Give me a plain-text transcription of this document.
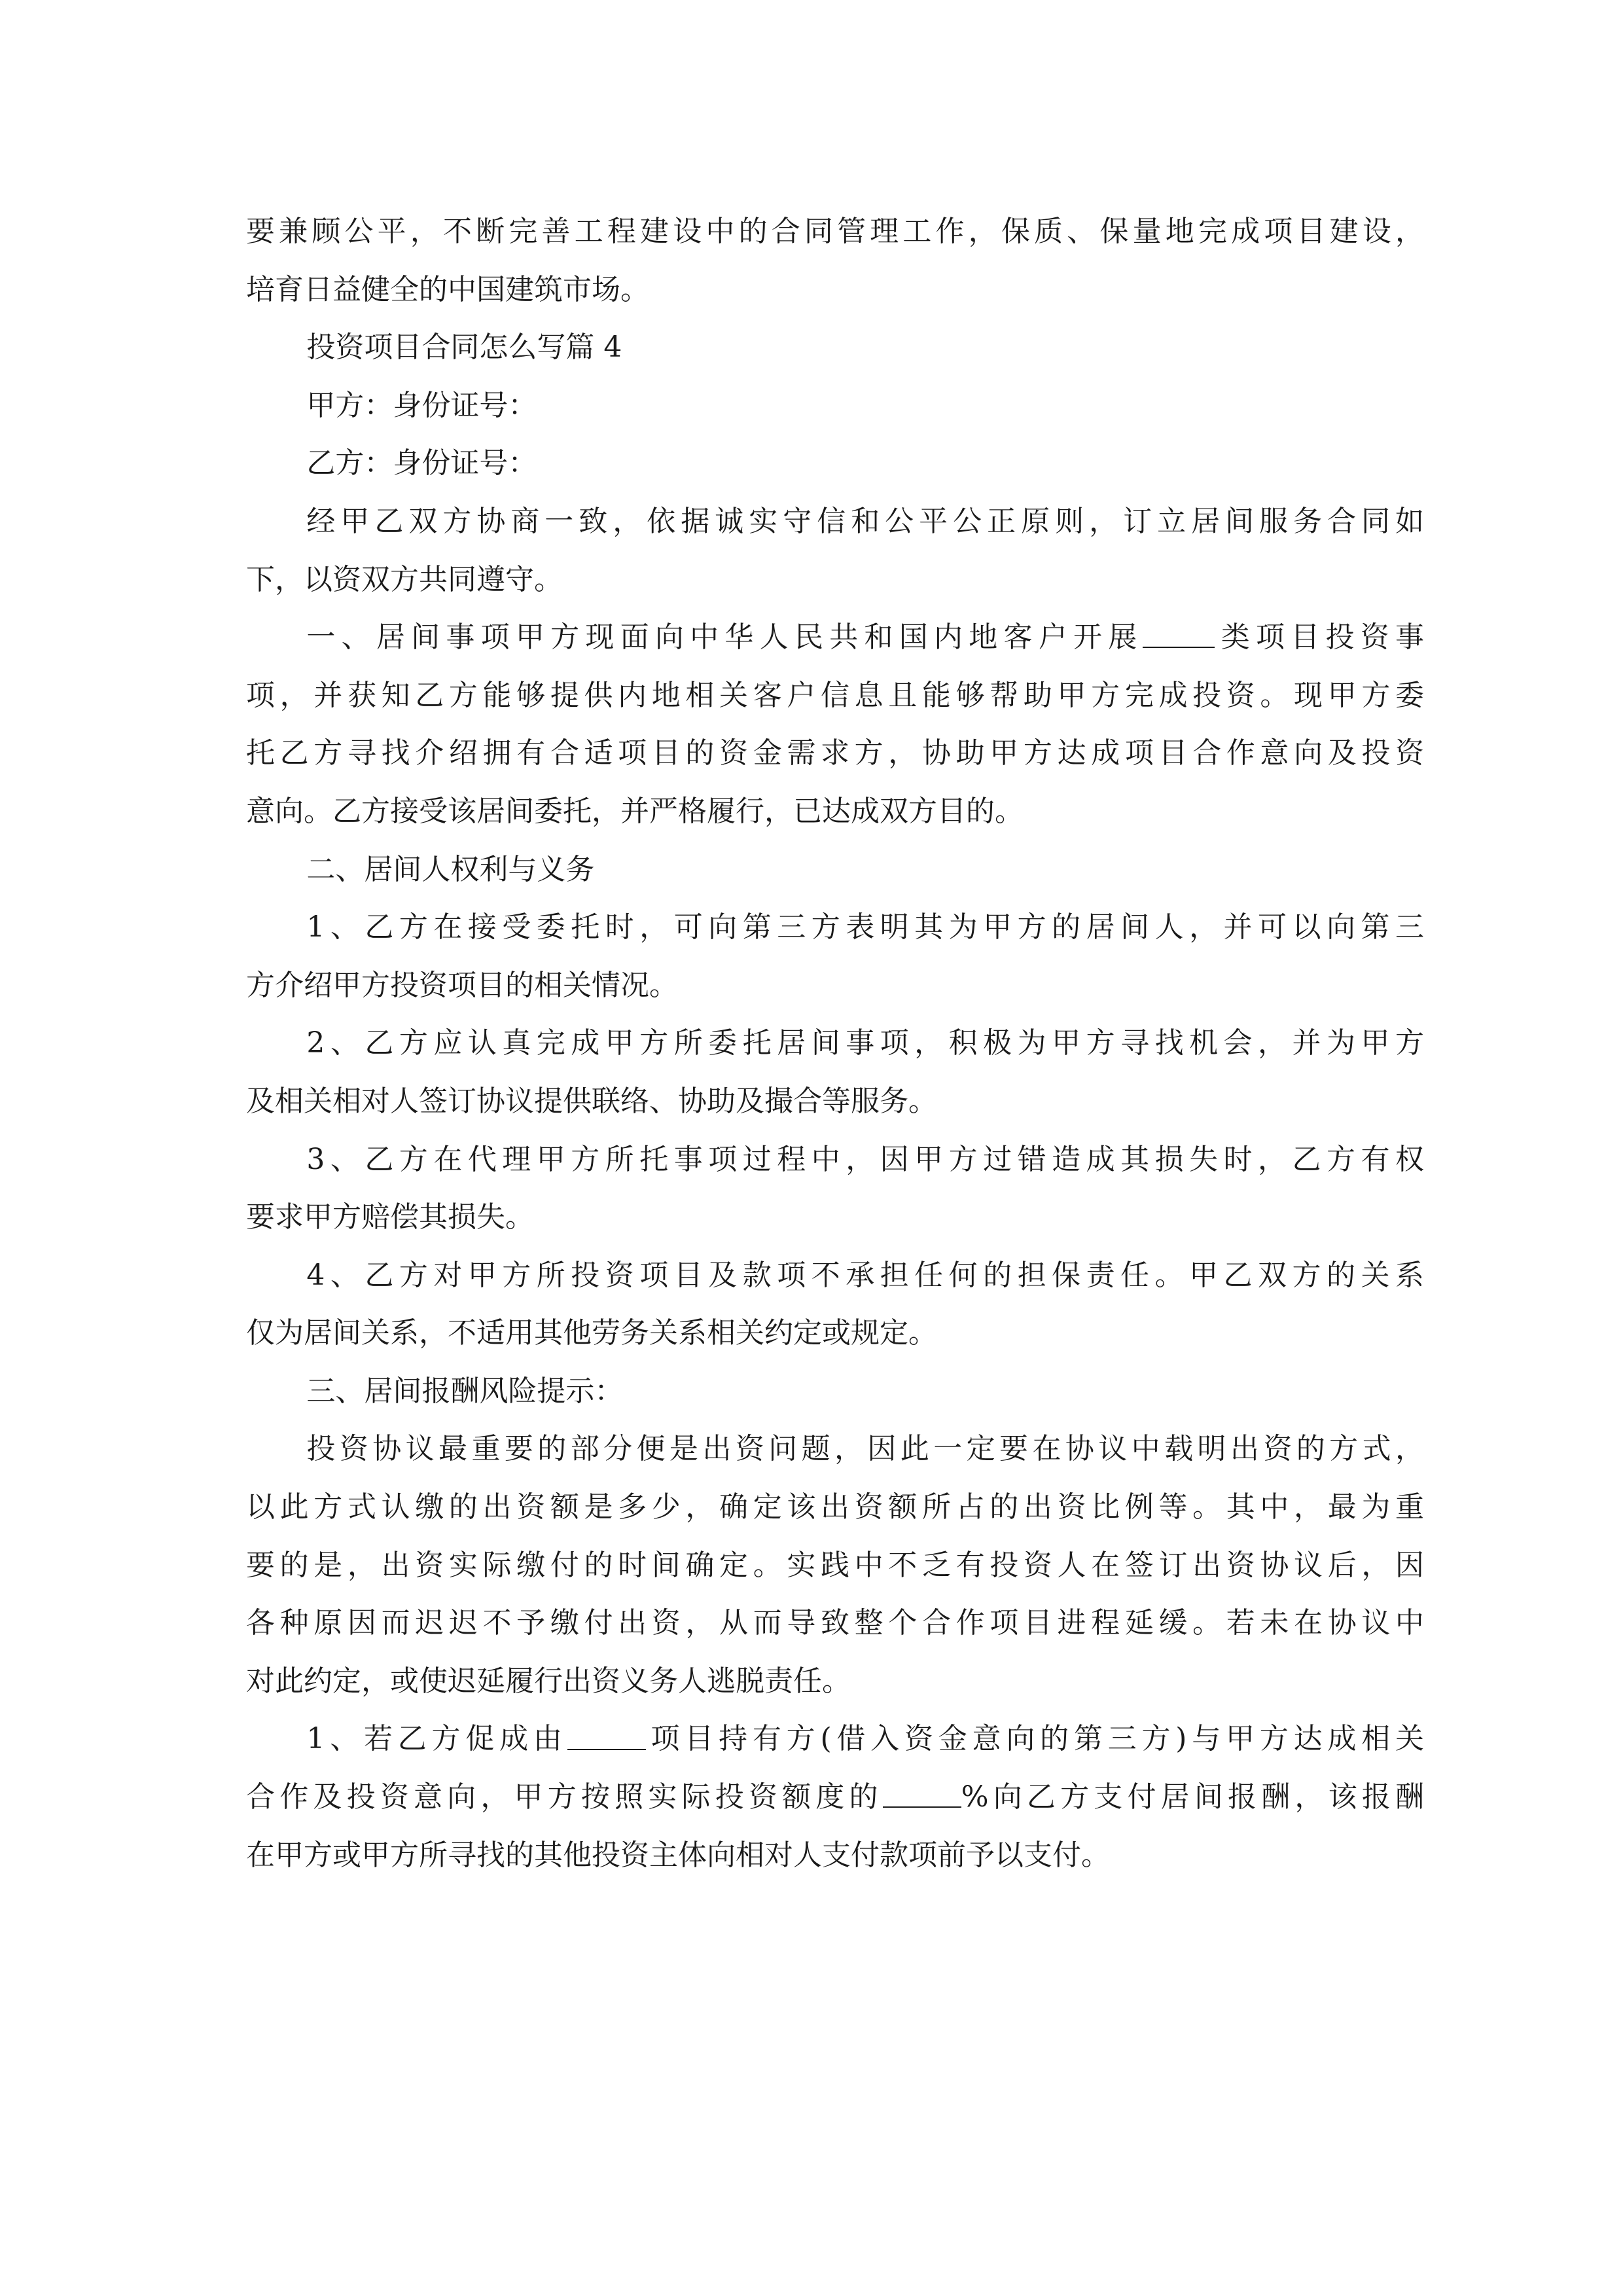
要兼顾公平，不断完善工程建设中的合同管理工作，保质、保量地完成项目建设，
培育日益健全的中国建筑市场。
投资项目合同怎么写篇 4
甲方：身份证号：
乙方：身份证号：
经甲乙双方协商一致，依据诚实守信和公平公正原则，订立居间服务合同如
下，以资双方共同遵守。
一、居间事项甲方现面向中华人民共和国内地客户开展	类项目投资事
项，并获知乙方能够提供内地相关客户信息且能够帮助甲方完成投资。现甲方委
托乙方寻找介绍拥有合适项目的资金需求方，协助甲方达成项目合作意向及投资
意向。乙方接受该居间委托，并严格履行，已达成双方目的。
二、居间人权利与义务
1、乙方在接受委托时，可向第三方表明其为甲方的居间人，并可以向第三
方介绍甲方投资项目的相关情况。
2、乙方应认真完成甲方所委托居间事项，积极为甲方寻找机会，并为甲方
及相关相对人签订协议提供联络、协助及撮合等服务。
3、乙方在代理甲方所托事项过程中，因甲方过错造成其损失时，乙方有权
要求甲方赔偿其损失。
4、乙方对甲方所投资项目及款项不承担任何的担保责任。甲乙双方的关系
仅为居间关系，不适用其他劳务关系相关约定或规定。
三、居间报酬风险提示：
投资协议最重要的部分便是出资问题，因此一定要在协议中载明出资的方式，
以此方式认缴的出资额是多少，确定该出资额所占的出资比例等。其中，最为重
要的是，出资实际缴付的时间确定。实践中不乏有投资人在签订出资协议后，因
各种原因而迟迟不予缴付出资，从而导致整个合作项目进程延缓。若未在协议中
对此约定，或使迟延履行出资义务人逃脱责任。
1、若乙方促成由	项目持有方(借入资金意向的第三方)与甲方达成相关
合作及投资意向，甲方按照实际投资额度的	%向乙方支付居间报酬，该报酬
在甲方或甲方所寻找的其他投资主体向相对人支付款项前予以支付。
